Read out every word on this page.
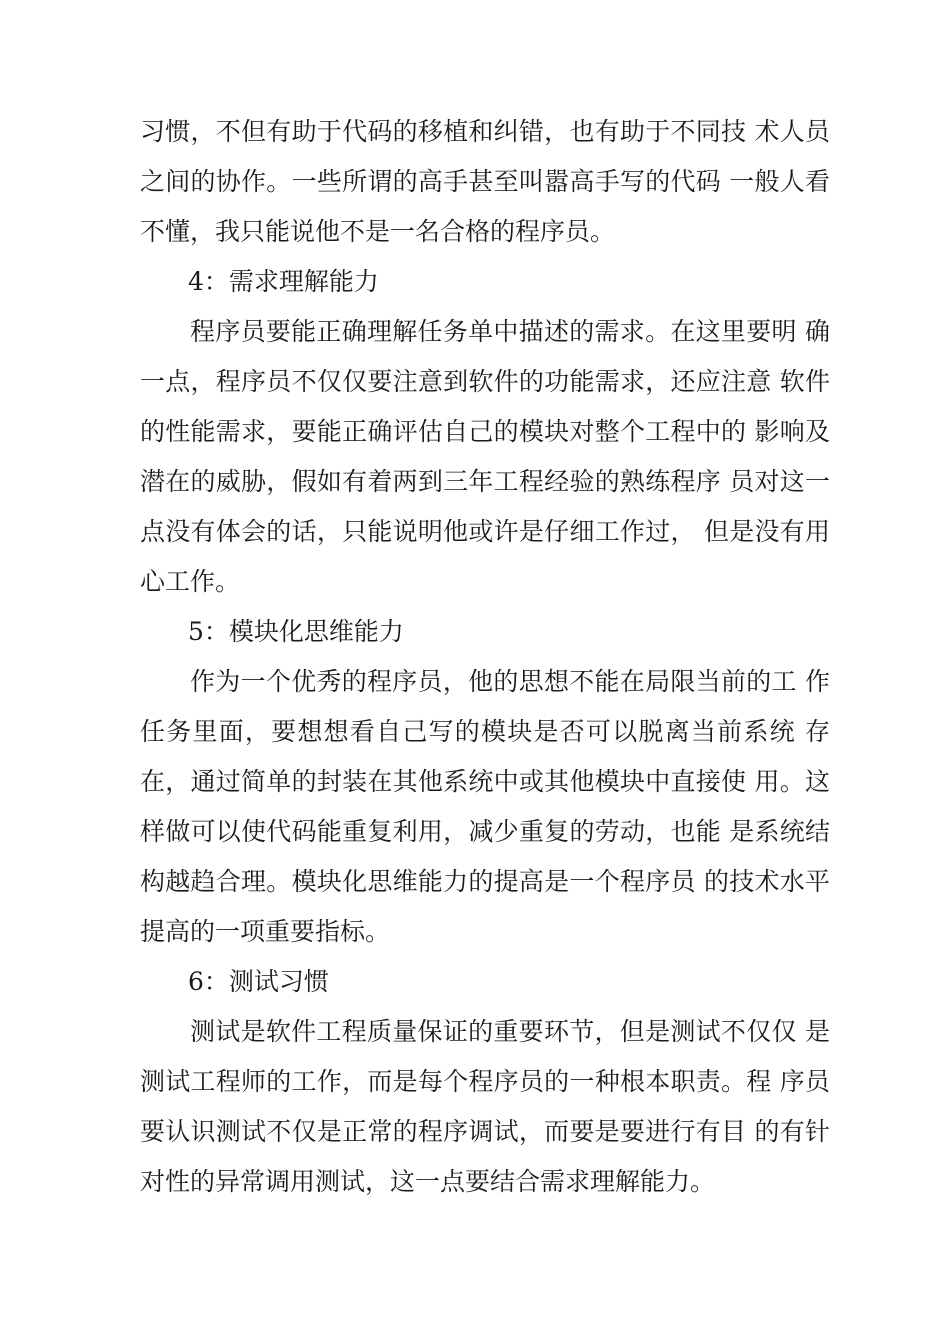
习惯，不但有助于代码的移植和纠错，也有助于不同技 术人员
之间的协作。一些所谓的高手甚至叫嚣高手写的代码 一般人看
不懂，我只能说他不是一名合格的程序员。
4：需求理解能力
程序员要能正确理解任务单中描述的需求。在这里要明 确
一点，程序员不仅仅要注意到软件的功能需求，还应注意 软件
的性能需求，要能正确评估自己的模块对整个工程中的 影响及
潜在的威胁，假如有着两到三年工程经验的熟练程序 员对这一
点没有体会的话，只能说明他或许是仔细工作过， 但是没有用
心工作。
5：模块化思维能力
作为一个优秀的程序员，他的思想不能在局限当前的工 作
任务里面，要想想看自己写的模块是否可以脱离当前系统 存
在，通过简单的封装在其他系统中或其他模块中直接使 用。这
样做可以使代码能重复利用，减少重复的劳动，也能 是系统结
构越趋合理。模块化思维能力的提高是一个程序员 的技术水平
提高的一项重要指标。
6：测试习惯
测试是软件工程质量保证的重要环节，但是测试不仅仅 是
测试工程师的工作，而是每个程序员的一种根本职责。程 序员
要认识测试不仅是正常的程序调试，而要是要进行有目 的有针
对性的异常调用测试，这一点要结合需求理解能力。
